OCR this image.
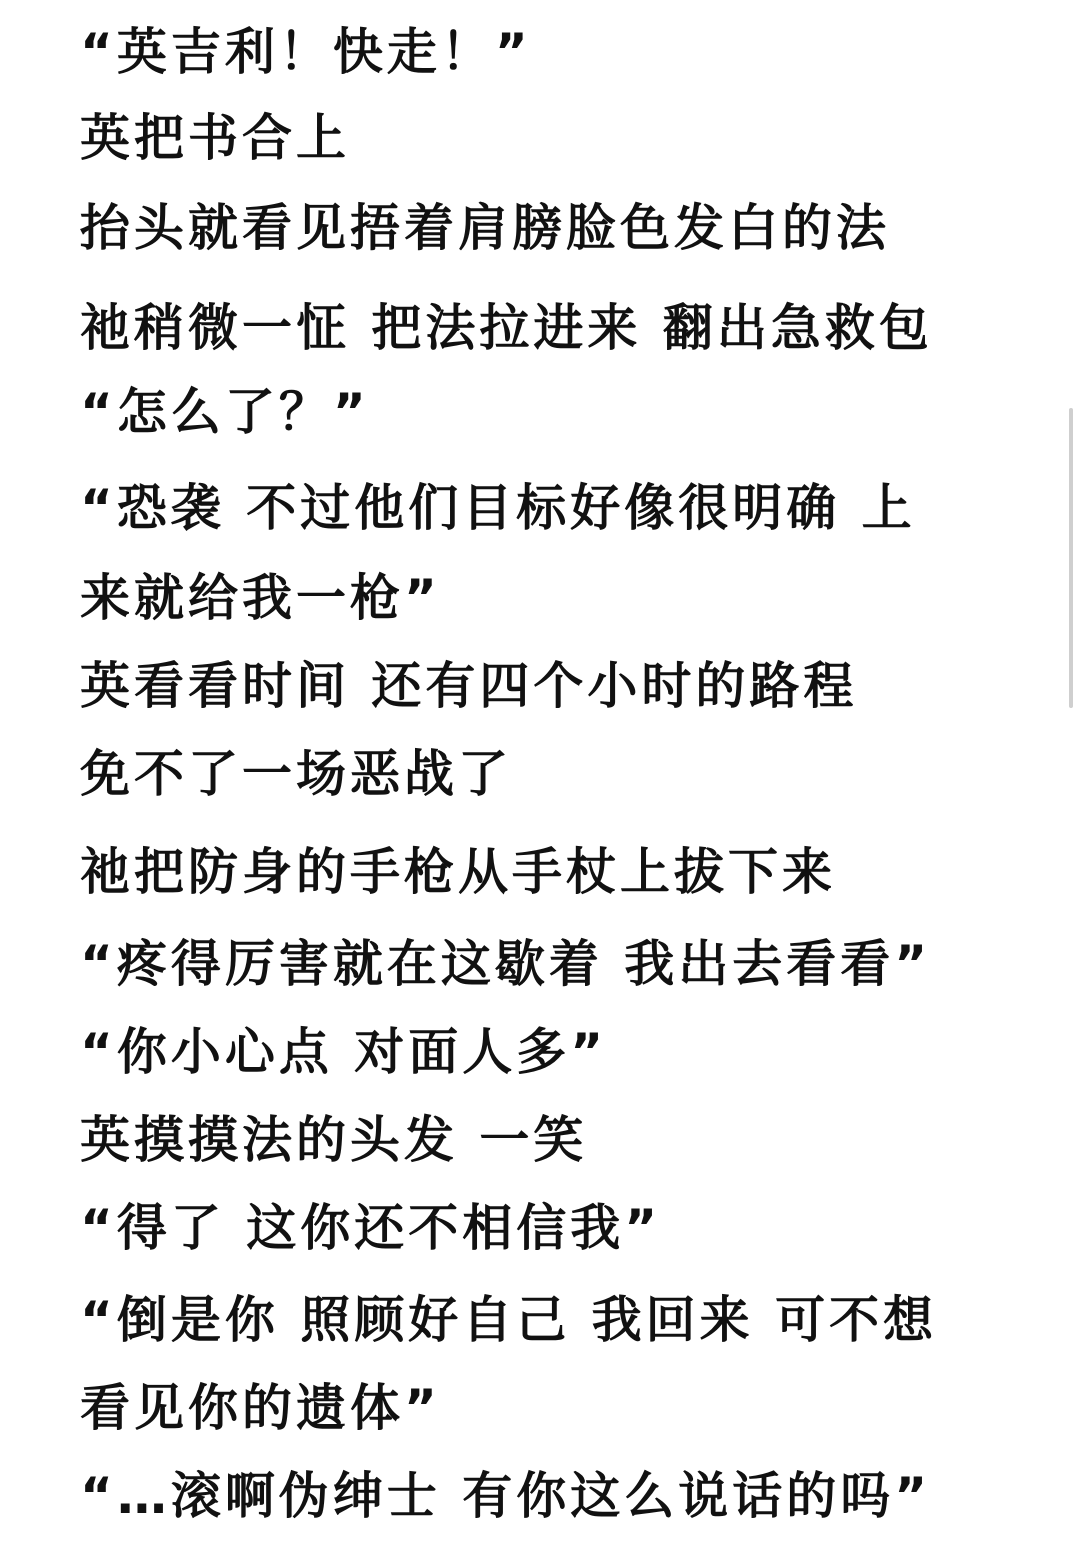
“英吉利！快走！”
英把书合上
抬头就看见捂着肩膀脸色发白的法
祂稍微一怔 把法拉进来 翻出急救包
“怎么了？”
“恐袭 不过他们目标好像很明确 上
来就给我一枪”
英看看时间 还有四个小时的路程
免不了一场恶战了
祂把防身的手枪从手杖上拔下来
“疼得厉害就在这歇着 我出去看看”
“你小心点 对面人多”
英摸摸法的头发 一笑
“得了 这你还不相信我”
“倒是你 照顾好自己 我回来 可不想
看见你的遗体”
“…滚啊伪绅士 有你这么说话的吗”
